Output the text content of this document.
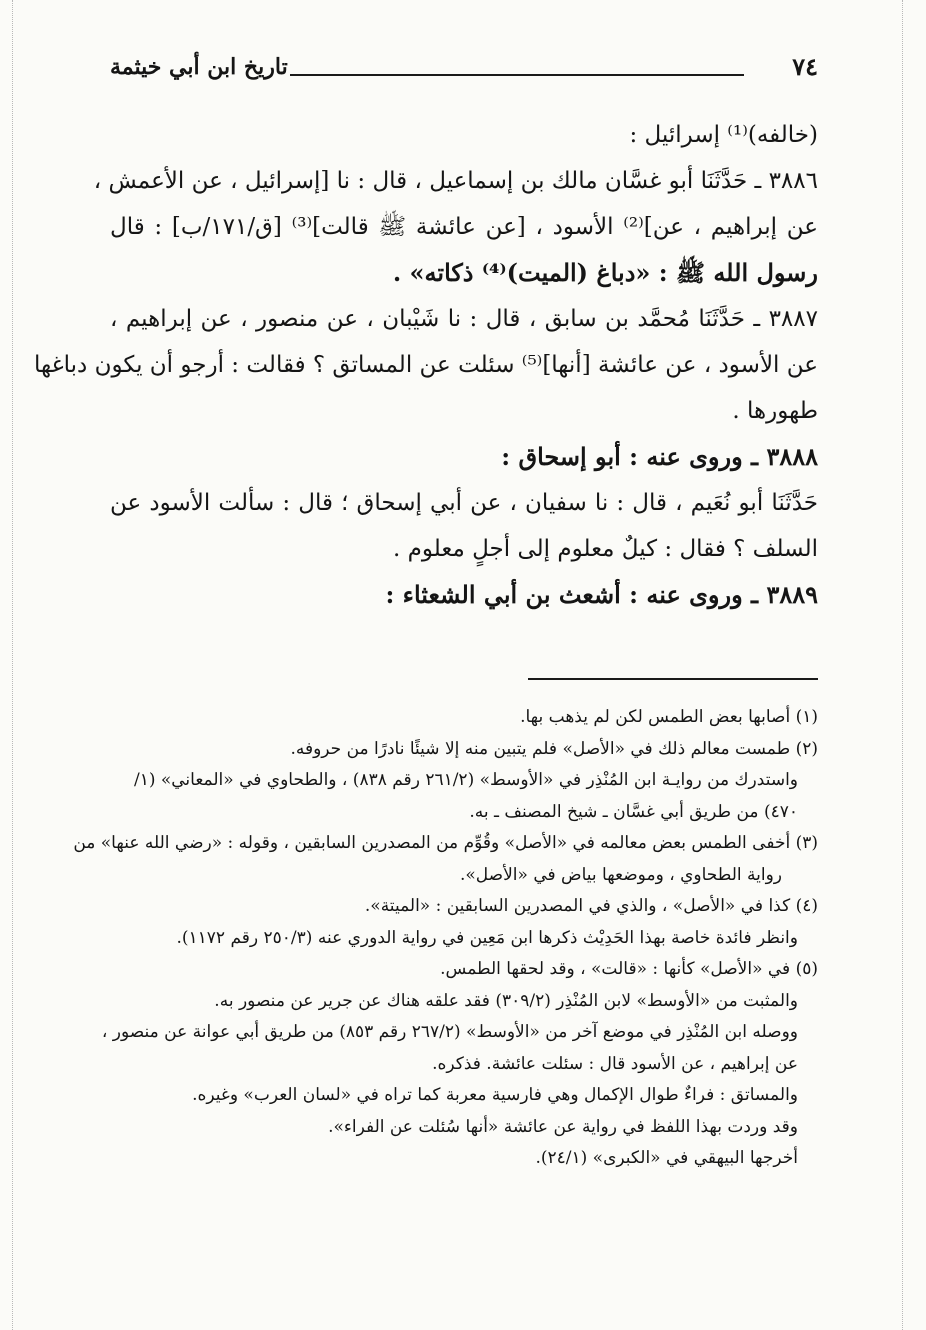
٧٤
تاريخ ابن أبي خيثمة
(خالفه)⁽¹⁾ إسرائيل :
٣٨٨٦ ـ حَدَّثَنَا أبو غسَّان مالك بن إسماعيل ، قال : نا [إسرائيل ، عن الأعمش ،
عن إبراهيم ، عن]⁽²⁾ الأسود ، [عن عائشة ﷺ قالت]⁽³⁾ [ق/١٧١/ب] : قال
رسول الله ﷺ : «دباغ (الميت)⁽⁴⁾ ذكاته» .
٣٨٨٧ ـ حَدَّثَنَا مُحمَّد بن سابق ، قال : نا شَيْبان ، عن منصور ، عن إبراهيم ،
عن الأسود ، عن عائشة [أنها]⁽⁵⁾ سئلت عن المساتق ؟ فقالت : أرجو أن يكون دباغها
طهورها .
٣٨٨٨ ـ وروى عنه : أبو إسحاق :
حَدَّثَنَا أبو نُعَيم ، قال : نا سفيان ، عن أبي إسحاق ؛ قال : سألت الأسود عن
السلف ؟ فقال : كيلٌ معلوم إلى أجلٍ معلوم .
٣٨٨٩ ـ وروى عنه : أشعث بن أبي الشعثاء :
(١) أصابها بعض الطمس لكن لم يذهب بها.
(٢) طمست معالم ذلك في «الأصل» فلم يتبين منه إلا شيئًا نادرًا من حروفه.
واستدرك من روايـة ابن المُنْذِر في «الأوسط» (٢٦١/٢ رقم ٨٣٨) ، والطحاوي في «المعاني» (١/
٤٧٠) من طريق أبي غسَّان ـ شيخ المصنف ـ به.
(٣) أخفى الطمس بعض معالمه في «الأصل» وقُوِّم من المصدرين السابقين ، وقوله : «رضي الله عنها» من
رواية الطحاوي ، وموضعها بياض في «الأصل».
(٤) كذا في «الأصل» ، والذي في المصدرين السابقين : «الميتة».
وانظر فائدة خاصة بهذا الحَدِيْث ذكرها ابن مَعِين في رواية الدوري عنه (٢٥٠/٣ رقم ١١٧٢).
(٥) في «الأصل» كأنها : «قالت» ، وقد لحقها الطمس.
والمثبت من «الأوسط» لابن المُنْذِر (٣٠٩/٢) فقد علقه هناك عن جرير عن منصور به.
ووصله ابن المُنْذِر في موضع آخر من «الأوسط» (٢٦٧/٢ رقم ٨٥٣) من طريق أبي عوانة عن منصور ،
عن إبراهيم ، عن الأسود قال : سئلت عائشة. فذكره.
والمساتق : فراءٌ طوال الإكمال وهي فارسية معربة كما تراه في «لسان العرب» وغيره.
وقد وردت بهذا اللفظ في رواية عن عائشة «أنها سُئلت عن الفراء».
أخرجها البيهقي في «الكبرى» (٢٤/١).
